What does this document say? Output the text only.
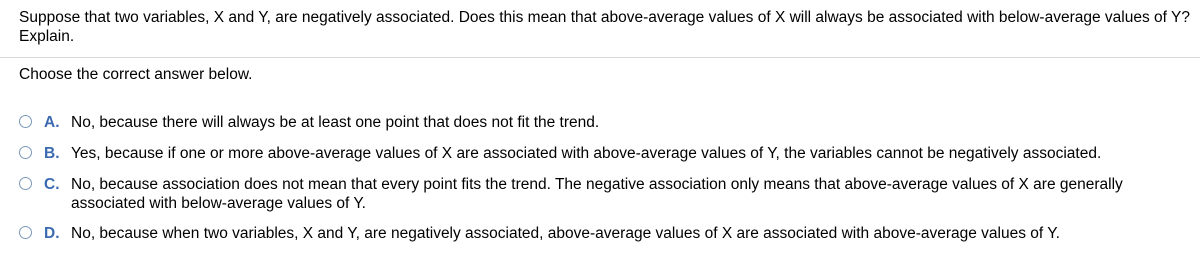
Suppose that two variables, X and Y, are negatively associated. Does this mean that above-average values of X will always be associated with below-average values of Y? Explain.
Choose the correct answer below.
A. No, because there will always be at least one point that does not fit the trend.
B. Yes, because if one or more above-average values of X are associated with above-average values of Y, the variables cannot be negatively associated.
C. No, because association does not mean that every point fits the trend. The negative association only means that above-average values of X are generally associated with below-average values of Y.
D. No, because when two variables, X and Y, are negatively associated, above-average values of X are associated with above-average values of Y.
